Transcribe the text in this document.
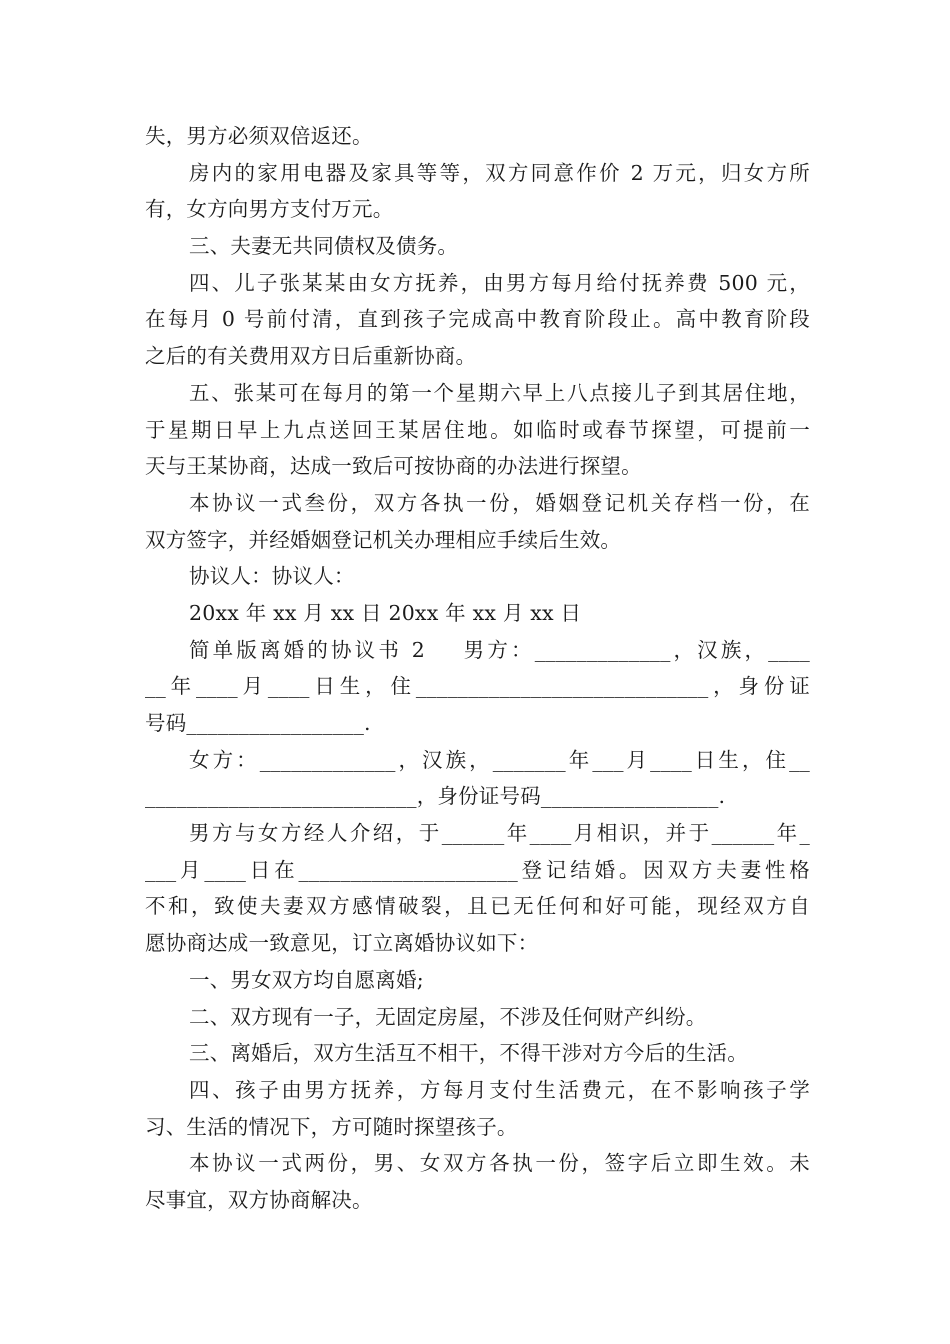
失，男方必须双倍返还。
房内的家用电器及家具等等，双方同意作价 2 万元，归女方所
有，女方向男方支付万元。
三、夫妻无共同债权及债务。
四、儿子张某某由女方抚养，由男方每月给付抚养费 500 元，
在每月 0 号前付清，直到孩子完成高中教育阶段止。高中教育阶段
之后的有关费用双方日后重新协商。
五、张某可在每月的第一个星期六早上八点接儿子到其居住地，
于星期日早上九点送回王某居住地。如临时或春节探望，可提前一
天与王某协商，达成一致后可按协商的办法进行探望。
本协议一式叁份，双方各执一份，婚姻登记机关存档一份，在
双方签字，并经婚姻登记机关办理相应手续后生效。
协议人：协议人：
20xx 年 xx 月 xx 日 20xx 年 xx 月 xx 日
简单版离婚的协议书 2    男方：_____________，汉族，____
__年____月____日生，住____________________________，身份证
号码_________________.
女方：_____________，汉族，_______年___月____日生，住__
__________________________，身份证号码_________________.
男方与女方经人介绍，于______年____月相识，并于______年_
___月____日在_____________________登记结婚。因双方夫妻性格
不和，致使夫妻双方感情破裂，且已无任何和好可能，现经双方自
愿协商达成一致意见，订立离婚协议如下：
一、男女双方均自愿离婚;
二、双方现有一子，无固定房屋，不涉及任何财产纠纷。
三、离婚后，双方生活互不相干，不得干涉对方今后的生活。
四、孩子由男方抚养，方每月支付生活费元，在不影响孩子学
习、生活的情况下，方可随时探望孩子。
本协议一式两份，男、女双方各执一份，签字后立即生效。未
尽事宜，双方协商解决。
